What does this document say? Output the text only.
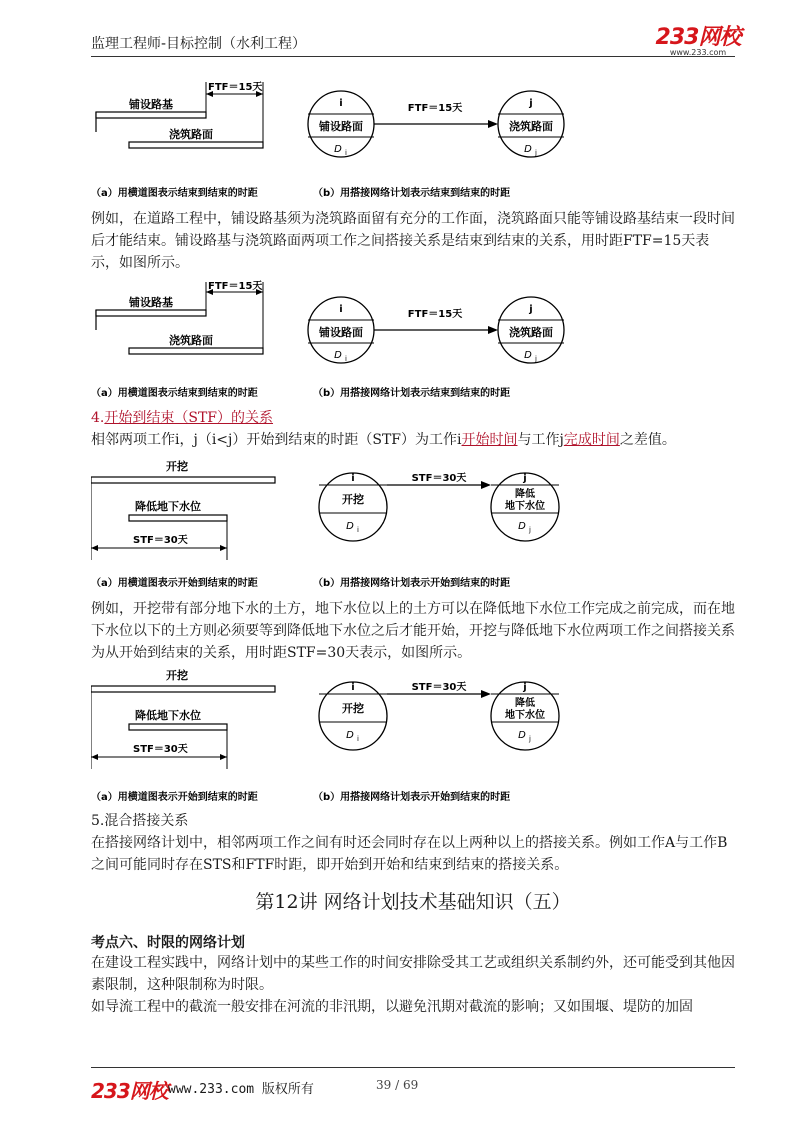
监理工程师-目标控制（水利工程）	233网校
www.233.com
铺设路基
浇筑路面
FTF＝15天
i
铺设路面
D i
FTF＝15天	j
浇筑路面
D j
（a）用横道图表示结束到结束的时距	（b）用搭接网络计划表示结束到结束的时距

例如，在道路工程中，铺设路基须为浇筑路面留有充分的工作面，浇筑路面只能等铺设路基结束一段时间后才能结束。铺设路基与浇筑路面两项工作之间搭接关系是结束到结束的关系，用时距FTF=15天表示，如图所示。

铺设路基
浇筑路面
FTF＝15天
i
铺设路面
D i
FTF＝15天	j
浇筑路面
D j
（a）用横道图表示结束到结束的时距	（b）用搭接网络计划表示结束到结束的时距

4.开始到结束（STF）的关系

相邻两项工作i，j（i<j）开始到结束的时距（STF）为工作i开始时间与工作j完成时间之差值。

开挖
降低地下水位
STF＝30天
i
开挖
D i
STF＝30天	j
降低
地下水位
D j
（a）用横道图表示开始到结束的时距	（b）用搭接网络计划表示开始到结束的时距

例如，开挖带有部分地下水的土方，地下水位以上的土方可以在降低地下水位工作完成之前完成，而在地下水位以下的土方则必须要等到降低地下水位之后才能开始，开挖与降低地下水位两项工作之间搭接关系为从开始到结束的关系，用时距STF=30天表示，如图所示。

开挖
降低地下水位
STF＝30天
i
开挖
D i
STF＝30天	j
降低
地下水位
D j
（a）用横道图表示开始到结束的时距	（b）用搭接网络计划表示开始到结束的时距

5.混合搭接关系

在搭接网络计划中，相邻两项工作之间有时还会同时存在以上两种以上的搭接关系。例如工作A与工作B之间可能同时存在STS和FTF时距，即开始到开始和结束到结束的搭接关系。

第12讲 网络计划技术基础知识（五）
考点六、时限的网络计划

在建设工程实践中，网络计划中的某些工作的时间安排除受其工艺或组织关系制约外，还可能受到其他因素限制，这种限制称为时限。

如导流工程中的截流一般安排在河流的非汛期，以避免汛期对截流的影响；又如围堰、堤防的加固

233网校 www.233.com 版权所有	39 / 69
